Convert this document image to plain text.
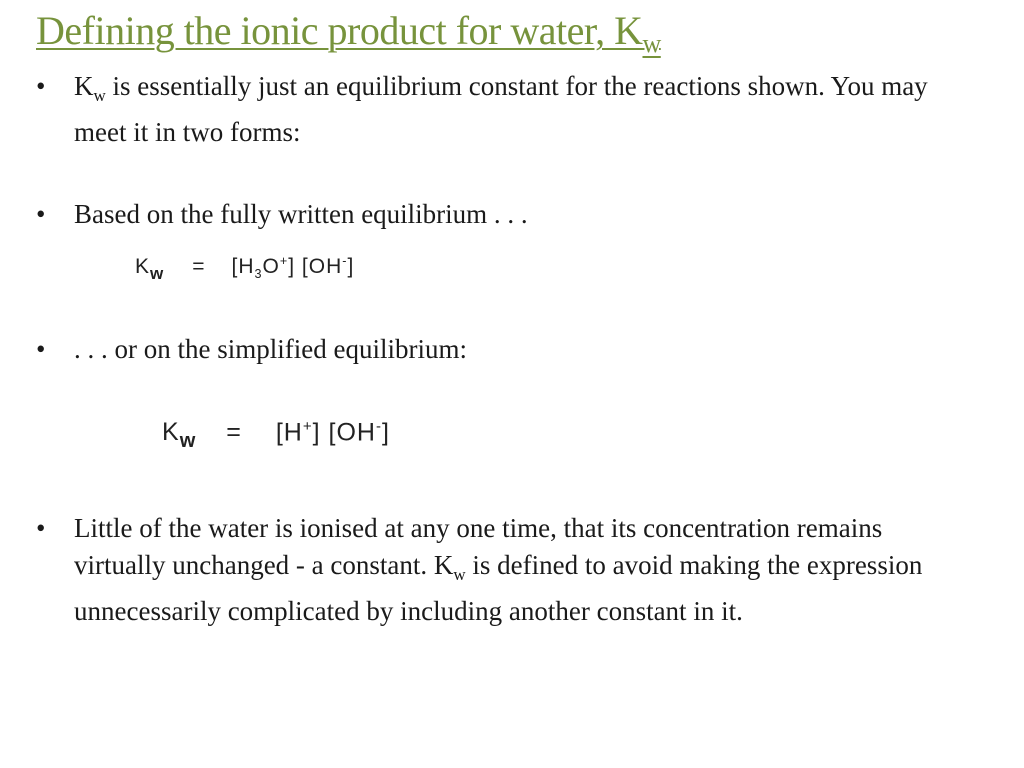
Defining the ionic product for water, $K_w$
•	$K_w$ is essentially just an equilibrium constant for the reactions shown. You may meet it in two forms:
•	Based on the fully written equilibrium . . .
$Kw = [H_3O^+]$ [OH-]
•	. . . or on the simplified equilibrium:
Kw = [H+] [OH-]
•	Little of the water is ionised at any one time, that its concentration remains virtually unchanged - a constant. $K_w$ is defined to avoid making the expression unnecessarily complicated by including another constant in it.
